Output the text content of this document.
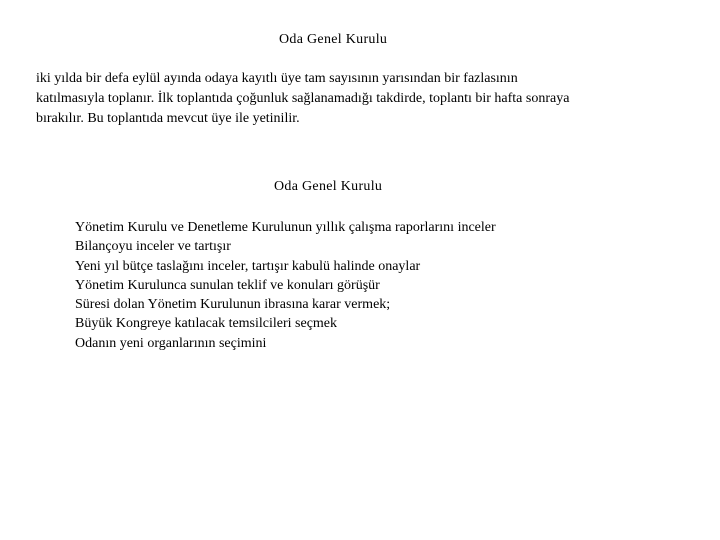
Oda Genel Kurulu

iki yılda bir defa eylül ayında odaya kayıtlı üye tam sayısının yarısından bir fazlasının
katılmasıyla toplanır. İlk toplantıda çoğunluk sağlanamadığı takdirde, toplantı bir hafta sonraya
bırakılır. Bu toplantıda mevcut üye ile yetinilir.

Oda Genel Kurulu
Yönetim Kurulu ve Denetleme Kurulunun yıllık çalışma raporlarını inceler
Bilançoyu inceler ve tartışır
Yeni yıl bütçe taslağını inceler, tartışır kabulü halinde onaylar
Yönetim Kurulunca sunulan teklif ve konuları görüşür
Süresi dolan Yönetim Kurulunun ibrasına karar vermek;
Büyük Kongreye katılacak temsilcileri seçmek
Odanın yeni organlarının seçimini
